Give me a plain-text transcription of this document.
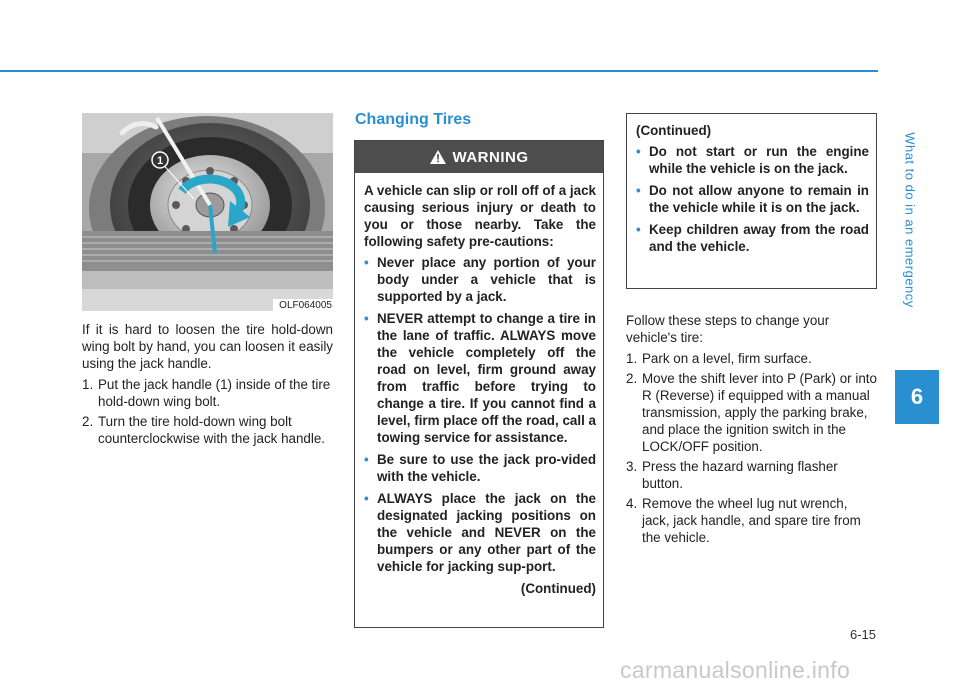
What to do in an emergency
6
1
OLF064005

If it is hard to loosen the tire hold-down wing bolt by hand, you can loosen it easily using the jack handle.

1. Put the jack handle (1) inside of the tire hold-down wing bolt.
2. Turn the tire hold-down wing bolt counterclockwise with the jack handle.
Changing Tires
WARNING

A vehicle can slip or roll off of a jack causing serious injury or death to you or those nearby. Take the following safety pre-cautions:

• Never place any portion of your body under a vehicle that is supported by a jack.
• NEVER attempt to change a tire in the lane of traffic. ALWAYS move the vehicle completely off the road on level, firm ground away from traffic before trying to change a tire. If you cannot find a level, firm place off the road, call a towing service for assistance.
• Be sure to use the jack pro-vided with the vehicle.
• ALWAYS place the jack on the designated jacking positions on the vehicle and NEVER on the bumpers or any other part of the vehicle for jacking sup-port.
(Continued)
(Continued)
• Do not start or run the engine while the vehicle is on the jack.
• Do not allow anyone to remain in the vehicle while it is on the jack.
• Keep children away from the road and the vehicle.

Follow these steps to change your vehicle's tire:

1. Park on a level, firm surface.
2. Move the shift lever into P (Park) or into R (Reverse) if equipped with a manual transmission, apply the parking brake, and place the ignition switch in the LOCK/OFF position.
3. Press the hazard warning flasher button.
4. Remove the wheel lug nut wrench, jack, jack handle, and spare tire from the vehicle.
6-15
carmanualsonline.info
